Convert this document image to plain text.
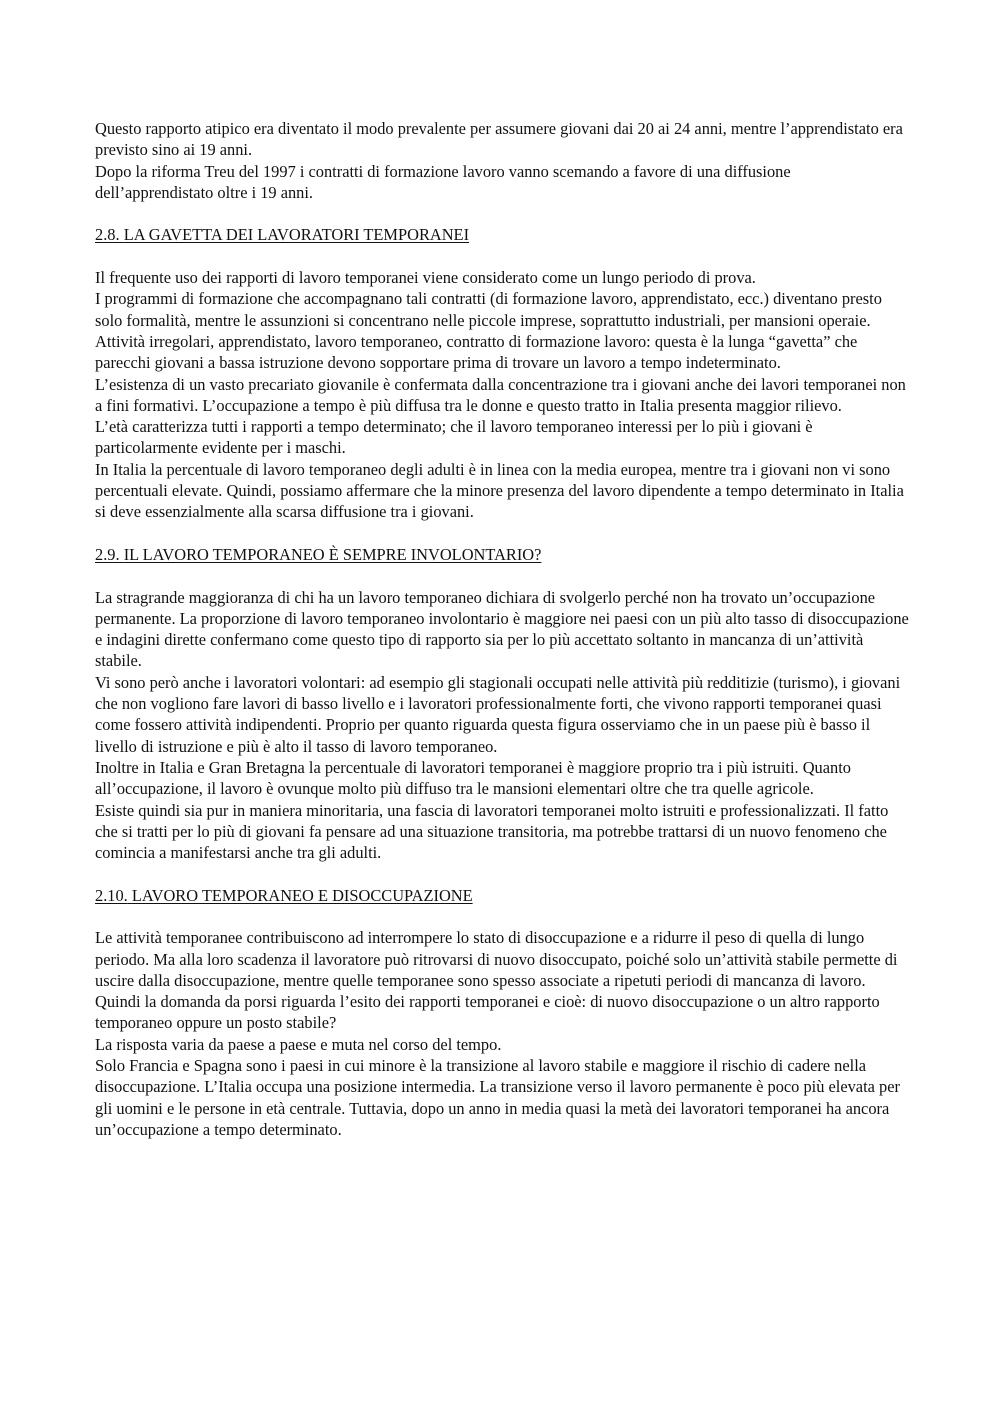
Questo rapporto atipico era diventato il modo prevalente per assumere giovani dai 20 ai 24 anni, mentre l’apprendistato era previsto sino ai 19 anni.

Dopo la riforma Treu del 1997 i contratti di formazione lavoro vanno scemando a favore di una diffusione dell’apprendistato oltre i 19 anni.

2.8. LA GAVETTA DEI LAVORATORI TEMPORANEI

Il frequente uso dei rapporti di lavoro temporanei viene considerato come un lungo periodo di prova.

I programmi di formazione che accompagnano tali contratti (di formazione lavoro, apprendistato, ecc.) diventano presto solo formalità, mentre le assunzioni si concentrano nelle piccole imprese, soprattutto industriali, per mansioni operaie.

Attività irregolari, apprendistato, lavoro temporaneo, contratto di formazione lavoro: questa è la lunga “gavetta” che parecchi giovani a bassa istruzione devono sopportare prima di trovare un lavoro a tempo indeterminato.

L’esistenza di un vasto precariato giovanile è confermata dalla concentrazione tra i giovani anche dei lavori temporanei non a fini formativi. L’occupazione a tempo è più diffusa tra le donne e questo tratto in Italia presenta maggior rilievo.

L’età caratterizza tutti i rapporti a tempo determinato; che il lavoro temporaneo interessi per lo più i giovani è particolarmente evidente per i maschi.

In Italia la percentuale di lavoro temporaneo degli adulti è in linea con la media europea, mentre tra i giovani non vi sono percentuali elevate. Quindi, possiamo affermare che la minore presenza del lavoro dipendente a tempo determinato in Italia si deve essenzialmente alla scarsa diffusione tra i giovani.

2.9. IL LAVORO TEMPORANEO È SEMPRE INVOLONTARIO?

La stragrande maggioranza di chi ha un lavoro temporaneo dichiara di svolgerlo perché non ha trovato un’occupazione permanente. La proporzione di lavoro temporaneo involontario è maggiore nei paesi con un più alto tasso di disoccupazione e indagini dirette confermano come questo tipo di rapporto sia per lo più accettato soltanto in mancanza di un’attività stabile.

Vi sono però anche i lavoratori volontari: ad esempio gli stagionali occupati nelle attività più redditizie (turismo), i giovani che non vogliono fare lavori di basso livello e i lavoratori professionalmente forti, che vivono rapporti temporanei quasi come fossero attività indipendenti. Proprio per quanto riguarda questa figura osserviamo che in un paese più è basso il livello di istruzione e più è alto il tasso di lavoro temporaneo.

Inoltre in Italia e Gran Bretagna la percentuale di lavoratori temporanei è maggiore proprio tra i più istruiti. Quanto all’occupazione, il lavoro è ovunque molto più diffuso tra le mansioni elementari oltre che tra quelle agricole.

Esiste quindi sia pur in maniera minoritaria, una fascia di lavoratori temporanei molto istruiti e professionalizzati. Il fatto che si tratti per lo più di giovani fa pensare ad una situazione transitoria, ma potrebbe trattarsi di un nuovo fenomeno che comincia a manifestarsi anche tra gli adulti.

2.10. LAVORO TEMPORANEO E DISOCCUPAZIONE

Le attività temporanee contribuiscono ad interrompere lo stato di disoccupazione e a ridurre il peso di quella di lungo periodo. Ma alla loro scadenza il lavoratore può ritrovarsi di nuovo disoccupato, poiché solo un’attività stabile permette di uscire dalla disoccupazione, mentre quelle temporanee sono spesso associate a ripetuti periodi di mancanza di lavoro.

Quindi la domanda da porsi riguarda l’esito dei rapporti temporanei e cioè: di nuovo disoccupazione o un altro rapporto temporaneo oppure un posto stabile?

La risposta varia da paese a paese e muta nel corso del tempo.

Solo Francia e Spagna sono i paesi in cui minore è la transizione al lavoro stabile e maggiore il rischio di cadere nella disoccupazione. L’Italia occupa una posizione intermedia. La transizione verso il lavoro permanente è poco più elevata per gli uomini e le persone in età centrale. Tuttavia, dopo un anno in media quasi la metà dei lavoratori temporanei ha ancora un’occupazione a tempo determinato.
